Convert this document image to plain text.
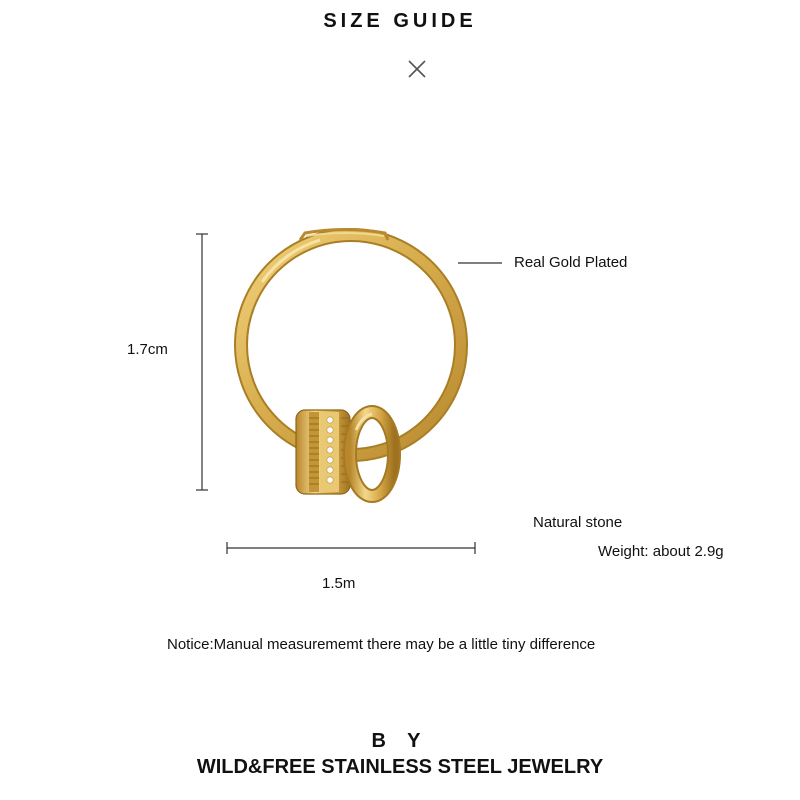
SIZE GUIDE
1.7cm
1.5m
Real Gold Plated
Natural stone
Weight: about 2.9g
Notice:Manual measurememt there may be a little tiny difference
B Y
WILD&FREE STAINLESS STEEL JEWELRY
